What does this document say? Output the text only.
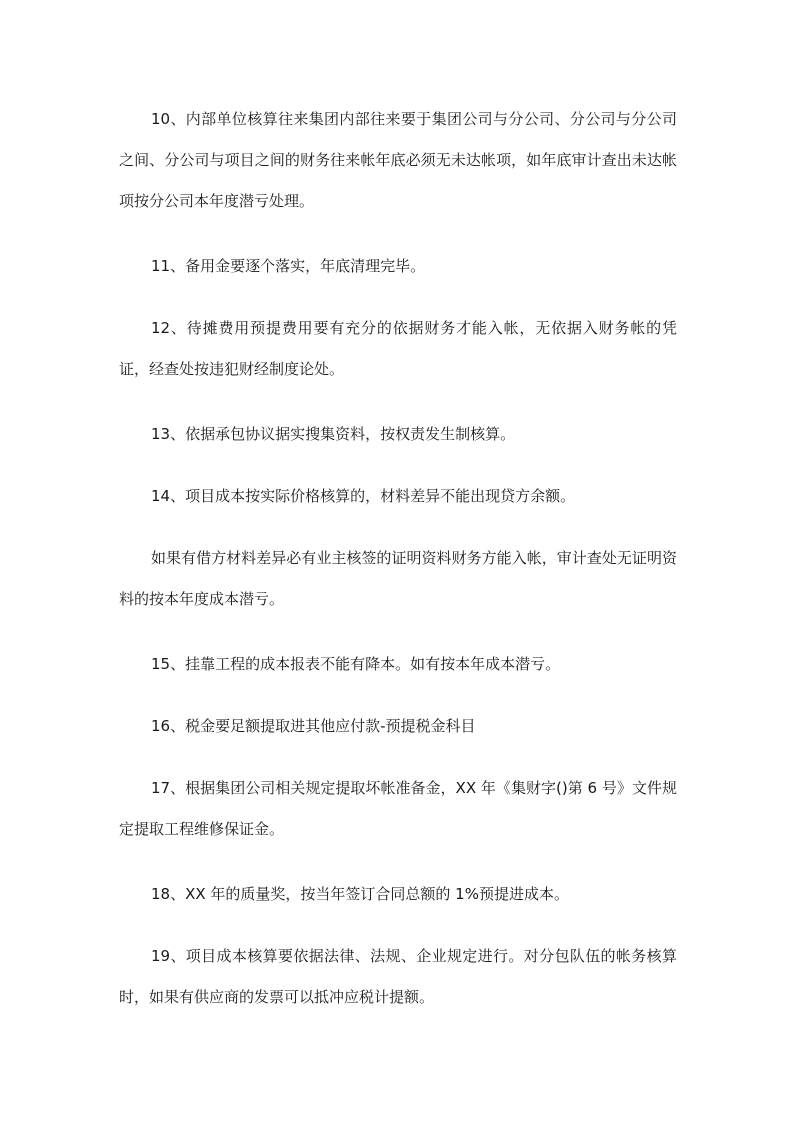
10、内部单位核算往来集团内部往来要于集团公司与分公司、分公司与分公司之间、分公司与项目之间的财务往来帐年底必须无未达帐项，如年底审计查出未达帐项按分公司本年度潜亏处理。

11、备用金要逐个落实，年底清理完毕。

12、待摊费用预提费用要有充分的依据财务才能入帐，无依据入财务帐的凭证，经查处按违犯财经制度论处。

13、依据承包协议据实搜集资料，按权责发生制核算。

14、项目成本按实际价格核算的，材料差异不能出现贷方余额。

如果有借方材料差异必有业主核签的证明资料财务方能入帐，审计查处无证明资料的按本年度成本潜亏。

15、挂靠工程的成本报表不能有降本。如有按本年成本潜亏。

16、税金要足额提取进其他应付款-预提税金科目

17、根据集团公司相关规定提取坏帐准备金，XX 年《集财字()第 6 号》文件规定提取工程维修保证金。

18、XX 年的质量奖，按当年签订合同总额的 1%预提进成本。

19、项目成本核算要依据法律、法规、企业规定进行。对分包队伍的帐务核算时，如果有供应商的发票可以抵冲应税计提额。
